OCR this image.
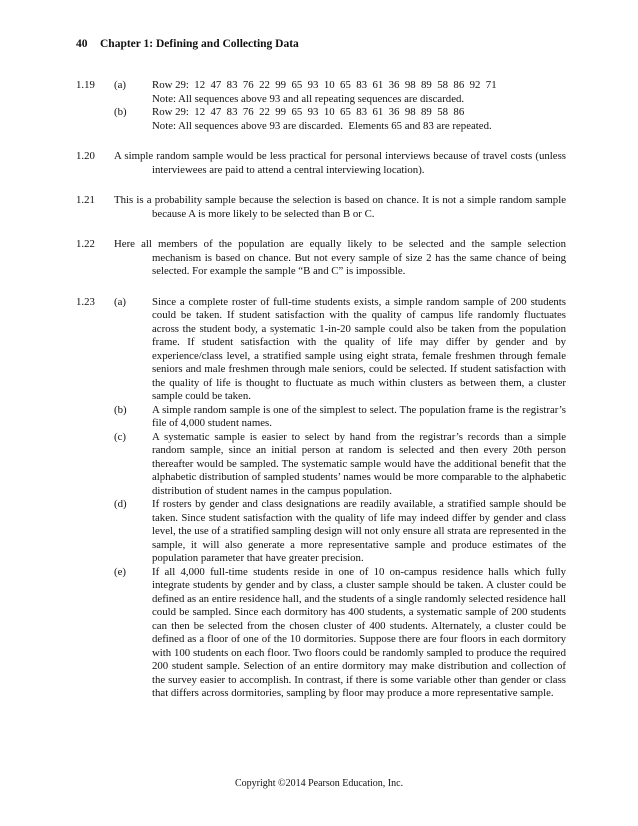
40 Chapter 1: Defining and Collecting Data
1.19 (a) Row 29:  12  47  83  76  22  99  65  93  10  65  83  61  36  98  89  58  86  92  71
Note: All sequences above 93 and all repeating sequences are discarded.
(b) Row 29:  12  47  83  76  22  99  65  93  10  65  83  61  36  98  89  58  86
Note: All sequences above 93 are discarded.  Elements 65 and 83 are repeated.
1.20 A simple random sample would be less practical for personal interviews because of travel costs (unless interviewees are paid to attend a central interviewing location).
1.21 This is a probability sample because the selection is based on chance. It is not a simple random sample because A is more likely to be selected than B or C.
1.22 Here all members of the population are equally likely to be selected and the sample selection mechanism is based on chance. But not every sample of size 2 has the same chance of being selected. For example the sample “B and C” is impossible.
1.23 (a) Since a complete roster of full-time students exists, a simple random sample of 200 students could be taken. If student satisfaction with the quality of campus life randomly fluctuates across the student body, a systematic 1-in-20 sample could also be taken from the population frame. If student satisfaction with the quality of life may differ by gender and by experience/class level, a stratified sample using eight strata, female freshmen through female seniors and male freshmen through male seniors, could be selected. If student satisfaction with the quality of life is thought to fluctuate as much within clusters as between them, a cluster sample could be taken.
(b) A simple random sample is one of the simplest to select. The population frame is the registrar’s file of 4,000 student names.
(c) A systematic sample is easier to select by hand from the registrar’s records than a simple random sample, since an initial person at random is selected and then every 20th person thereafter would be sampled. The systematic sample would have the additional benefit that the alphabetic distribution of sampled students’ names would be more comparable to the alphabetic distribution of student names in the campus population.
(d) If rosters by gender and class designations are readily available, a stratified sample should be taken. Since student satisfaction with the quality of life may indeed differ by gender and class level, the use of a stratified sampling design will not only ensure all strata are represented in the sample, it will also generate a more representative sample and produce estimates of the population parameter that have greater precision.
(e) If all 4,000 full-time students reside in one of 10 on-campus residence halls which fully integrate students by gender and by class, a cluster sample should be taken. A cluster could be defined as an entire residence hall, and the students of a single randomly selected residence hall could be sampled. Since each dormitory has 400 students, a systematic sample of 200 students can then be selected from the chosen cluster of 400 students. Alternately, a cluster could be defined as a floor of one of the 10 dormitories. Suppose there are four floors in each dormitory with 100 students on each floor. Two floors could be randomly sampled to produce the required 200 student sample. Selection of an entire dormitory may make distribution and collection of the survey easier to accomplish. In contrast, if there is some variable other than gender or class that differs across dormitories, sampling by floor may produce a more representative sample.
Copyright ©2014 Pearson Education, Inc.
